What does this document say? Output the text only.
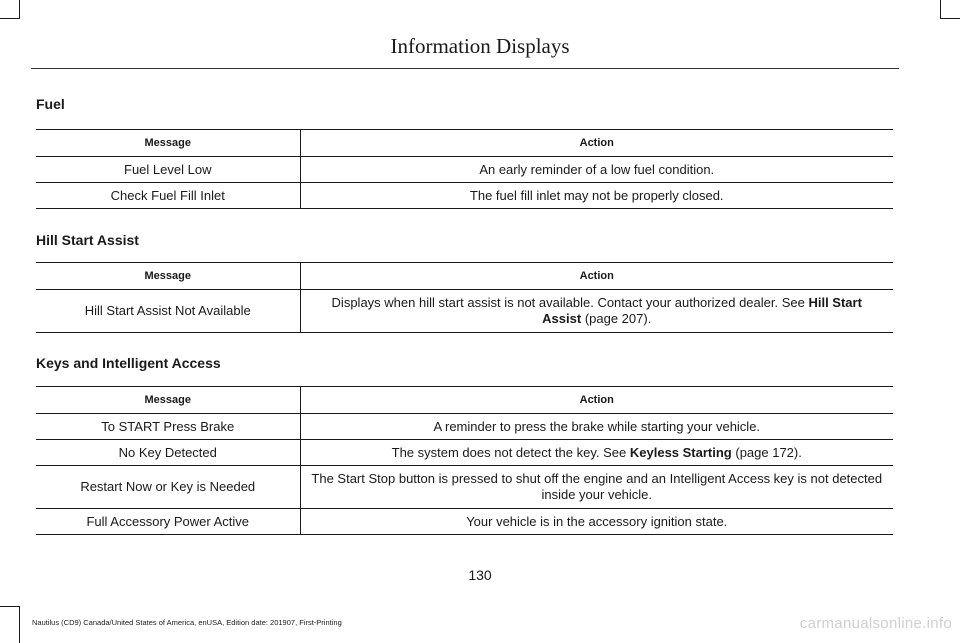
Information Displays
Fuel
Message	Action
Fuel Level Low	An early reminder of a low fuel condition.
Check Fuel Fill Inlet	The fuel fill inlet may not be properly closed.
Hill Start Assist
Message	Action
Hill Start Assist Not Available	Displays when hill start assist is not available. Contact your authorized dealer. See Hill Start Assist (page 207).
Keys and Intelligent Access
Message	Action
To START Press Brake	A reminder to press the brake while starting your vehicle.
No Key Detected	The system does not detect the key. See Keyless Starting (page 172).
Restart Now or Key is Needed	The Start Stop button is pressed to shut off the engine and an Intelligent Access key is not detected inside your vehicle.
Full Accessory Power Active	Your vehicle is in the accessory ignition state.
130
Nautilus (CD9) Canada/United States of America, enUSA, Edition date: 201907, First-Printing	carmanualsonline.info
